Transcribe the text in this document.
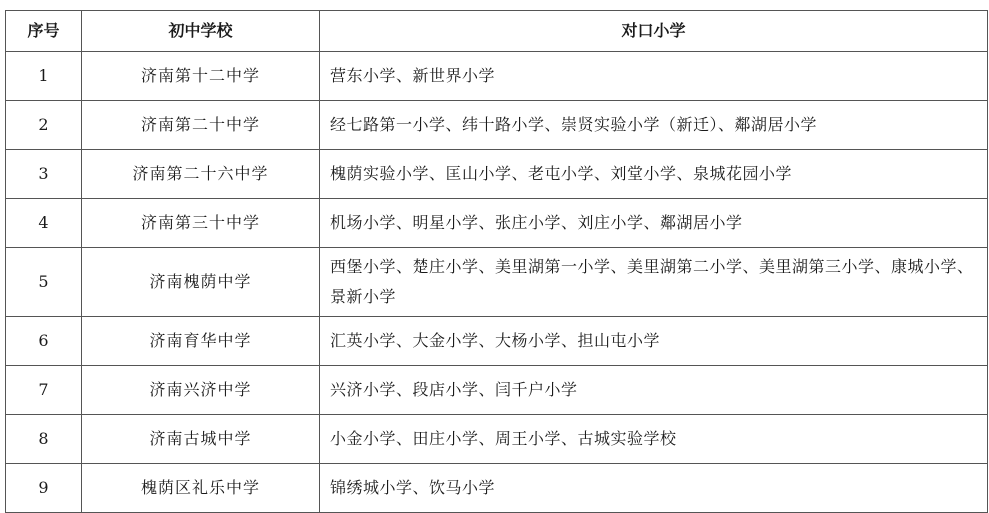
序号	初中学校	对口小学
1	济南第十二中学	营东小学、新世界小学
2	济南第二十中学	经七路第一小学、纬十路小学、崇贤实验小学（新迁）、鄰湖居小学
3	济南第二十六中学	槐荫实验小学、匡山小学、老屯小学、刘堂小学、泉城花园小学
4	济南第三十中学	机场小学、明星小学、张庄小学、刘庄小学、鄰湖居小学
5	济南槐荫中学	西堡小学、楚庄小学、美里湖第一小学、美里湖第二小学、美里湖第三小学、康城小学、景新小学
6	济南育华中学	汇英小学、大金小学、大杨小学、担山屯小学
7	济南兴济中学	兴济小学、段店小学、闫千户小学
8	济南古城中学	小金小学、田庄小学、周王小学、古城实验学校
9	槐荫区礼乐中学	锦绣城小学、饮马小学
